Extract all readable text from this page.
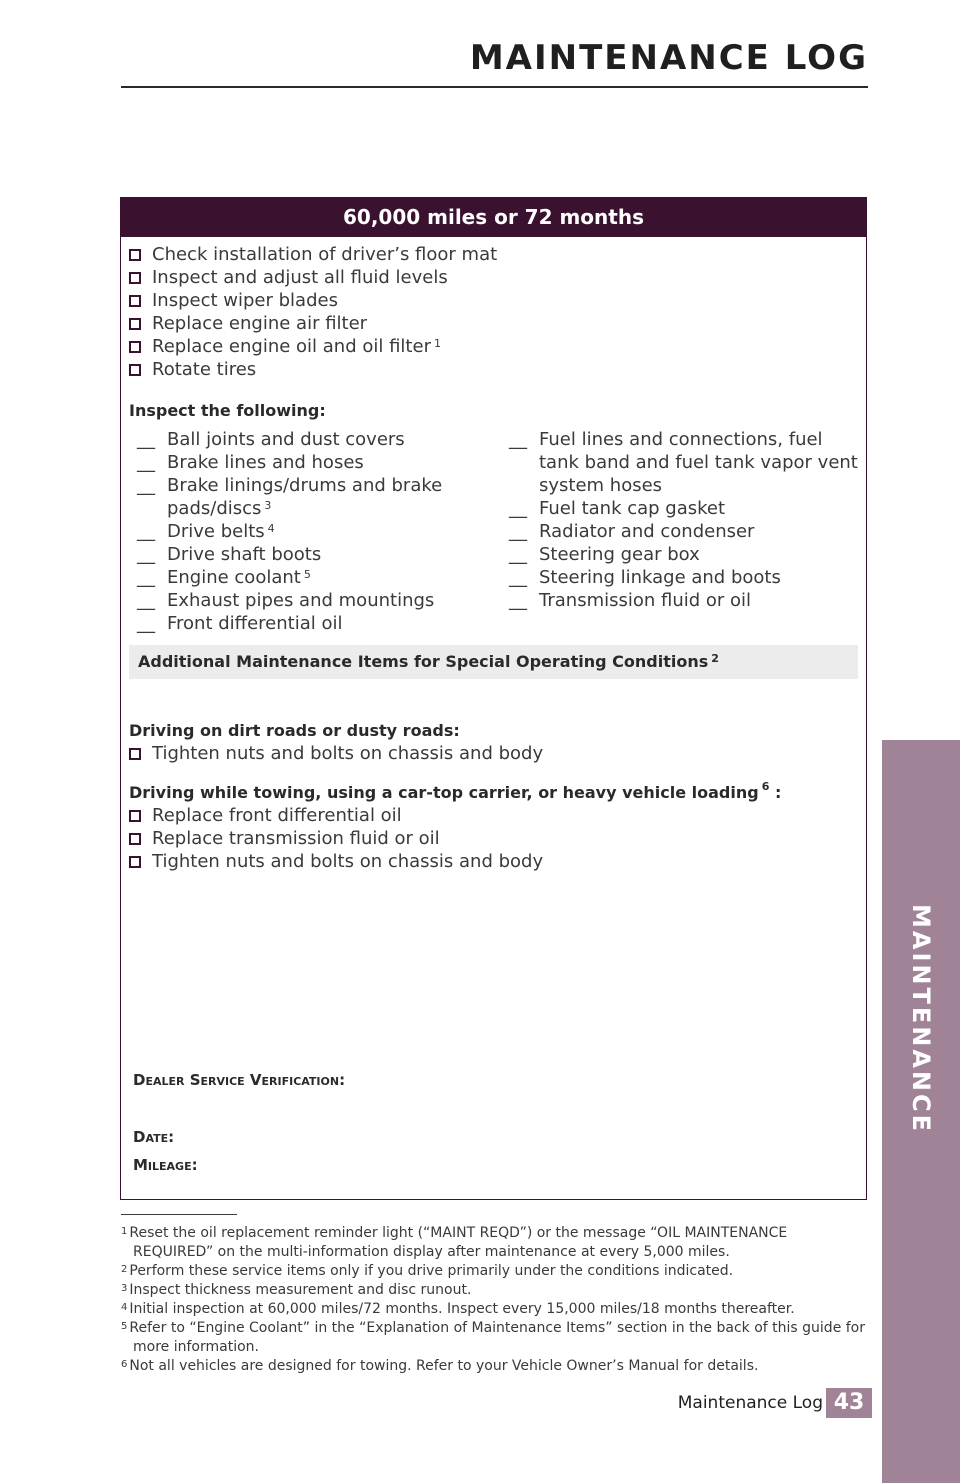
MAINTENANCE LOG
MAINTENANCE
60,000 miles or 72 months
Check installation of driver’s floor mat
Inspect and adjust all fluid levels
Inspect wiper blades
Replace engine air filter
Replace engine oil and oil filter $^1$
Rotate tires
Inspect the following:
__ Ball joints and dust covers
__ Brake lines and hoses
__ Brake linings/drums and brake pads/discs $^3$
__ Drive belts $^4$
__ Drive shaft boots
__ Engine coolant $^5$
__ Exhaust pipes and mountings
__ Front differential oil
__ Fuel lines and connections, fuel tank band and fuel tank vapor vent system hoses
__ Fuel tank cap gasket
__ Radiator and condenser
__ Steering gear box
__ Steering linkage and boots
__ Transmission fluid or oil
Additional Maintenance Items for Special Operating Conditions $^2$
Driving on dirt roads or dusty roads:
Tighten nuts and bolts on chassis and body
Driving while towing, using a car-top carrier, or heavy vehicle loading $^6$ :
Replace front differential oil
Replace transmission fluid or oil
Tighten nuts and bolts on chassis and body
Dealer Service Verification:
Date:
Mileage:
$^1$ Reset the oil replacement reminder light (“MAINT REQD”) or the message “OIL MAINTENANCE REQUIRED” on the multi-information display after maintenance at every 5,000 miles.
$^2$ Perform these service items only if you drive primarily under the conditions indicated.
$^3$ Inspect thickness measurement and disc runout.
$^4$ Initial inspection at 60,000 miles/72 months. Inspect every 15,000 miles/18 months thereafter.
$^5$ Refer to “Engine Coolant” in the “Explanation of Maintenance Items” section in the back of this guide for more information.
$^6$ Not all vehicles are designed for towing. Refer to your Vehicle Owner’s Manual for details.
Maintenance Log 43
